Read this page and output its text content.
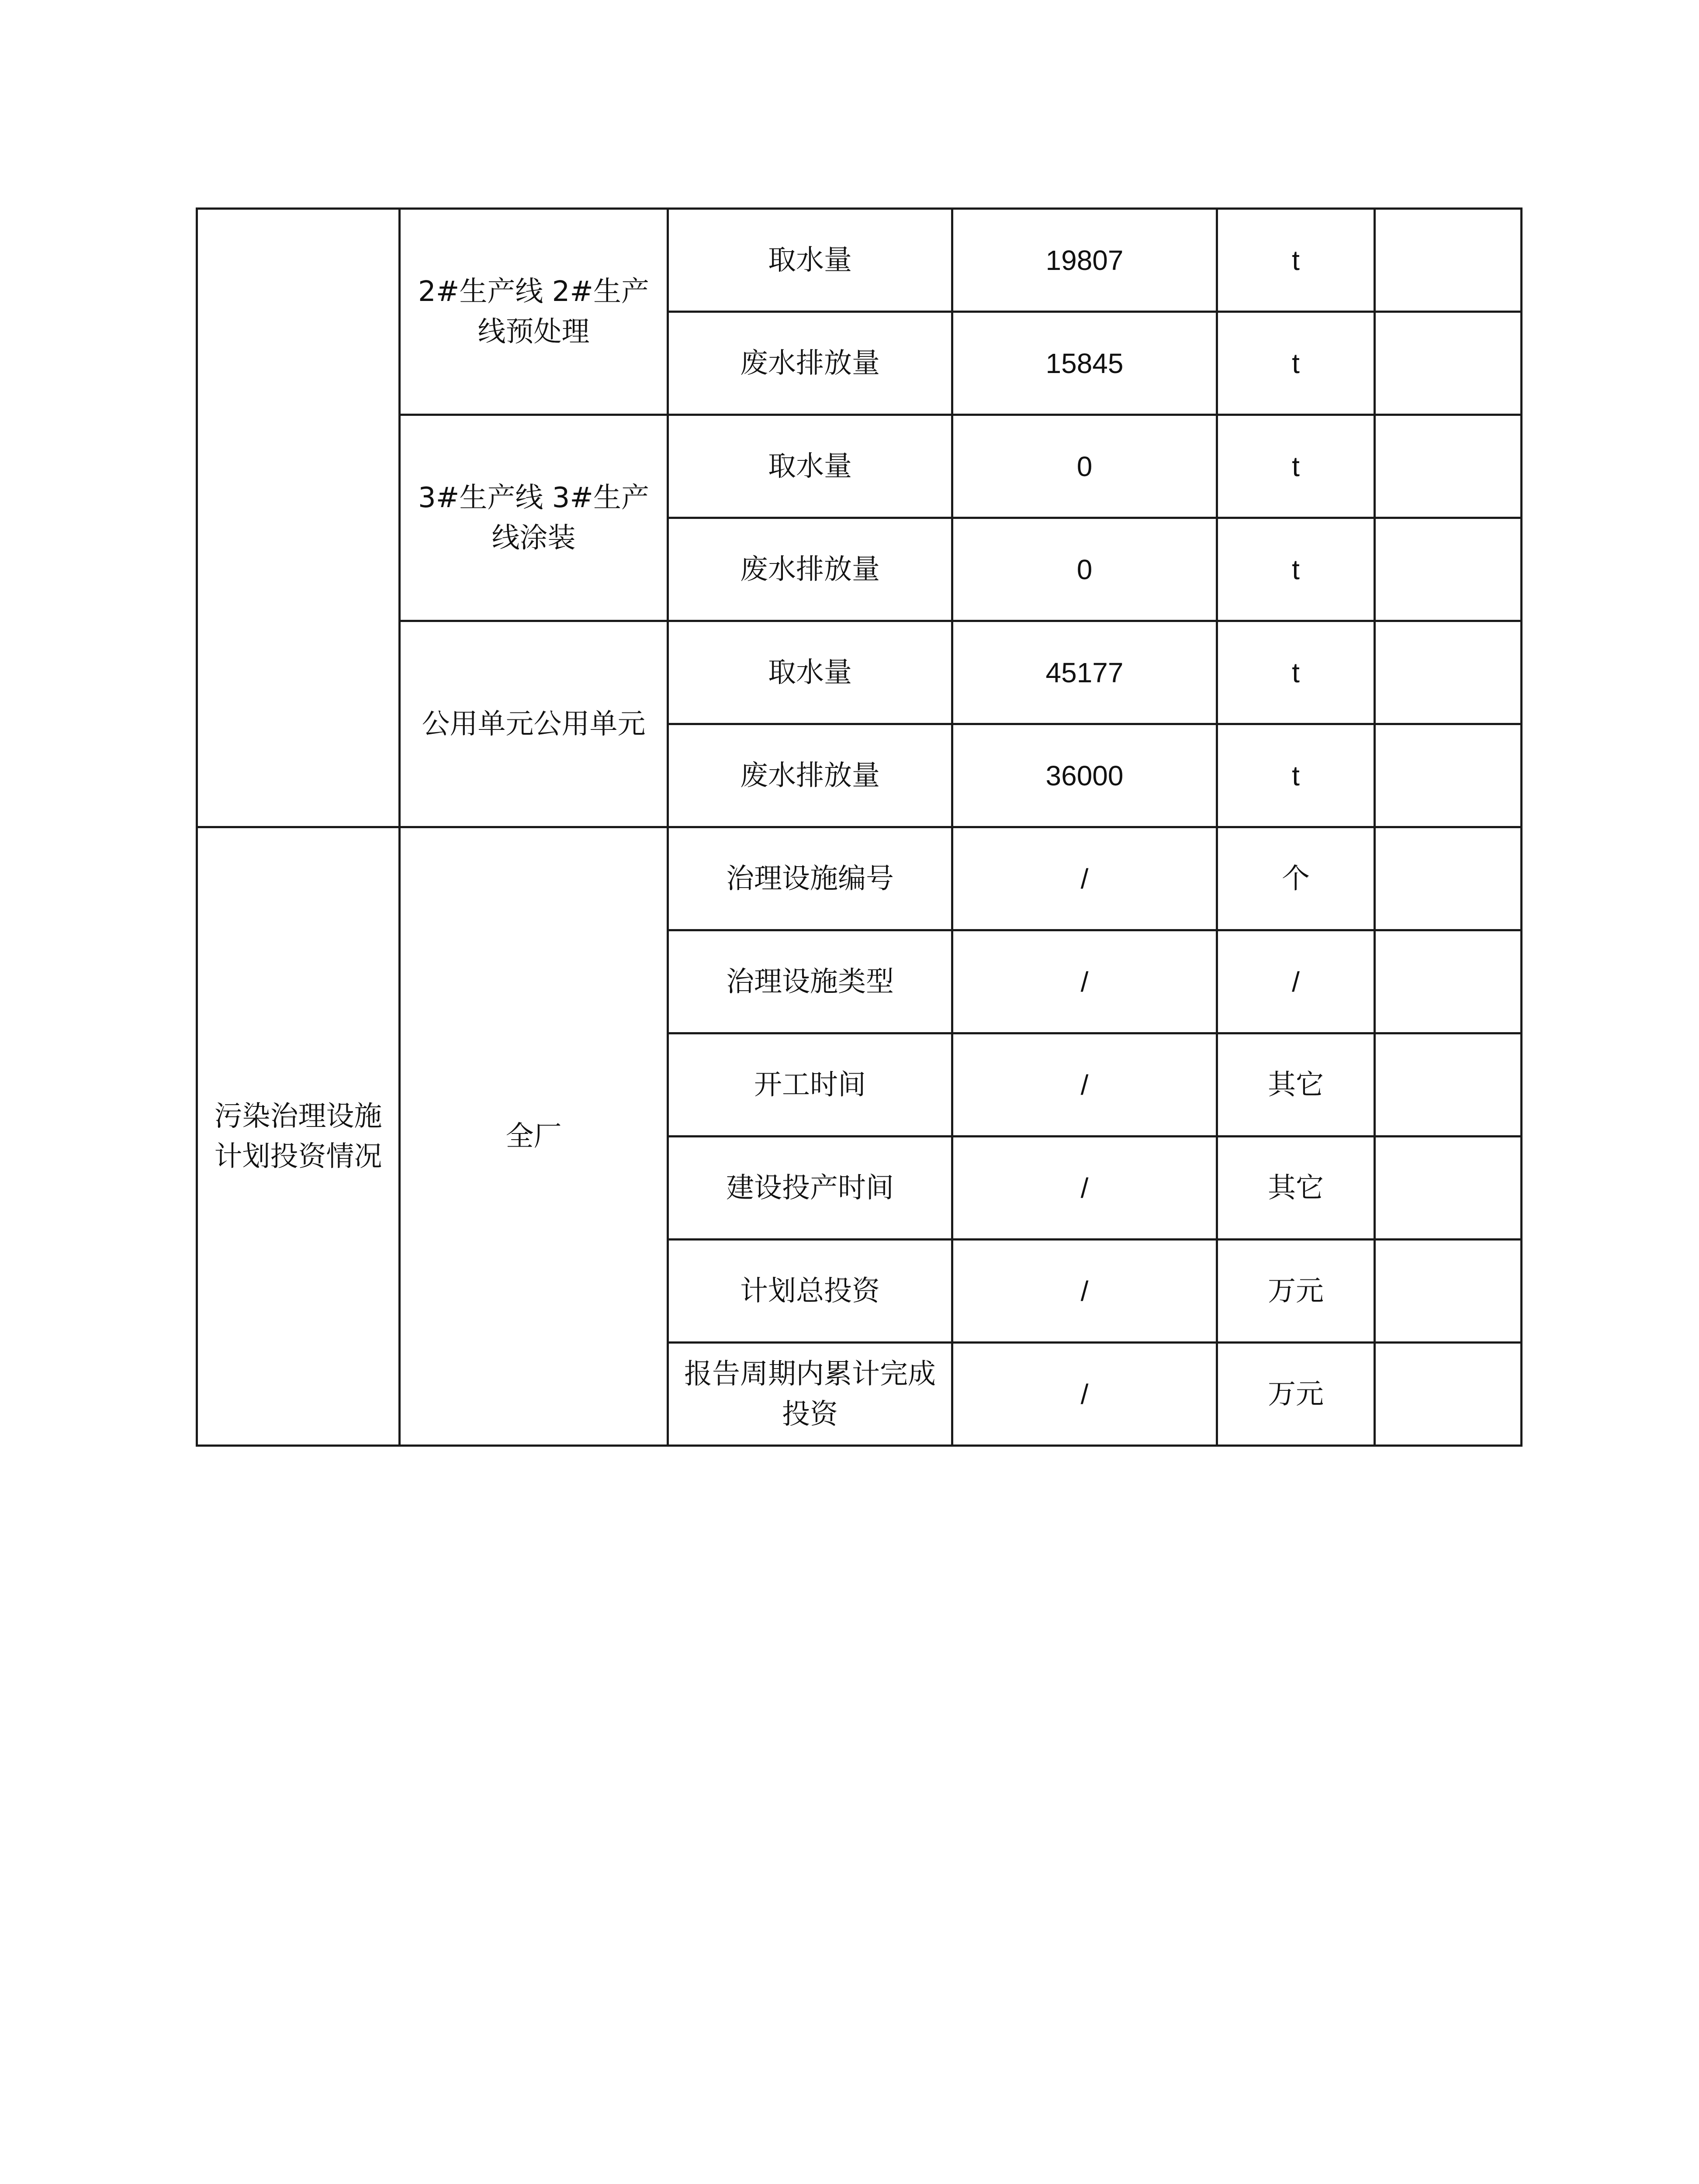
	2#生产线 2#生产线预处理	取水量	19807	t	
		废水排放量	15845	t	
	3#生产线 3#生产线涂装	取水量	0	t	
		废水排放量	0	t	
	公用单元公用单元	取水量	45177	t	
		废水排放量	36000	t	
污染治理设施计划投资情况	全厂	治理设施编号	/	个	
		治理设施类型	/	/	
		开工时间	/	其它	
		建设投产时间	/	其它	
		计划总投资	/	万元	
		报告周期内累计完成投资	/	万元	
